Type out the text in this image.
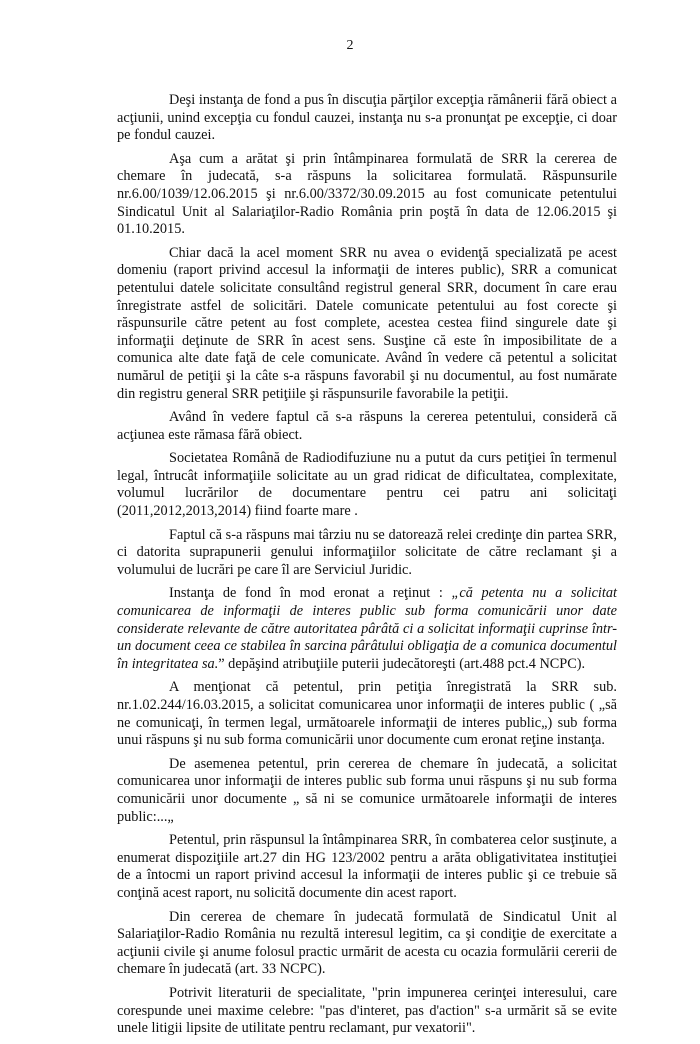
2

Deşi instanţa de fond a pus în discuţia părţilor excepţia rămânerii fără obiect a acţiunii, unind excepţia cu fondul cauzei, instanţa nu s-a pronunţat pe excepţie, ci doar pe fondul cauzei.

Aşa cum a arătat şi prin întâmpinarea formulată de SRR la cererea de chemare în judecată, s-a răspuns la solicitarea formulată. Răspunsurile nr.6.00/1039/12.06.2015 şi nr.6.00/3372/30.09.2015 au fost comunicate petentului Sindicatul Unit al Salariaţilor-Radio România prin poştă în data de 12.06.2015 şi 01.10.2015.

Chiar dacă la acel moment SRR nu avea o evidenţă specializată pe acest domeniu (raport privind accesul la informaţii de interes public), SRR a comunicat petentului datele solicitate consultând registrul general SRR, document în care erau înregistrate astfel de solicitări. Datele comunicate petentului au fost corecte şi răspunsurile către petent au fost complete, acestea cestea fiind singurele date şi informaţii deţinute de SRR în acest sens. Susţine că este în imposibilitate de a comunica alte date faţă de cele comunicate. Având în vedere că petentul a solicitat numărul de petiţii şi la câte s-a răspuns favorabil şi nu documentul, au fost numărate din registru general SRR petiţiile şi răspunsurile favorabile la petiţii.

Având în vedere faptul că s-a răspuns la cererea petentului, consideră că acţiunea este rămasa fără obiect.

Societatea Română de Radiodifuziune nu a putut da curs petiţiei în termenul legal, întrucât informaţiile solicitate au un grad ridicat de dificultatea, complexitate, volumul lucrărilor de documentare pentru cei patru ani solicitaţi (2011,2012,2013,2014) fiind foarte mare .

Faptul că s-a răspuns mai târziu nu se datorează relei credinţe din partea SRR, ci datorita suprapunerii genului informaţiilor solicitate de către reclamant şi a volumului de lucrări pe care îl are Serviciul Juridic.

Instanţa de fond în mod eronat a reţinut : „că petenta nu a solicitat comunicarea de informaţii de interes public sub forma comunicării unor date considerate relevante de către autoritatea pârâtă ci a solicitat informaţii cuprinse într-un document ceea ce stabilea în sarcina pârâtului obligaţia de a comunica documentul în integritatea sa.” depăşind atribuţiile puterii judecătoreşti (art.488 pct.4 NCPC).

A menţionat că petentul, prin petiţia înregistrată la SRR sub. nr.1.02.244/16.03.2015, a solicitat comunicarea unor informaţii de interes public ( „să ne comunicaţi, în termen legal, următoarele informaţii de interes public„) sub forma unui răspuns şi nu sub forma comunicării unor documente cum eronat reţine instanţa.

De asemenea petentul, prin cererea de chemare în judecată, a solicitat comunicarea unor informaţii de interes public sub forma unui răspuns şi nu sub forma comunicării unor documente „ să ni se comunice următoarele informaţii de interes public:...„

Petentul, prin răspunsul la întâmpinarea SRR, în combaterea celor susţinute, a enumerat dispoziţiile art.27 din HG 123/2002 pentru a arăta obligativitatea instituţiei de a întocmi un raport privind accesul la informaţii de interes public şi ce trebuie să conţină acest raport, nu solicită documente din acest raport.

Din cererea de chemare în judecată formulată de Sindicatul Unit al Salariaţilor-Radio România nu rezultă interesul legitim, ca şi condiţie de exercitate a acţiunii civile şi anume folosul practic urmărit de acesta cu ocazia formulării cererii de chemare în judecată (art. 33 NCPC).

Potrivit literaturii de specialitate, "prin impunerea cerinţei interesului, care corespunde unei maxime celebre: "pas d'interet, pas d'action" s-a urmărit să se evite unele litigii lipsite de utilitate pentru reclamant, pur vexatorii".
